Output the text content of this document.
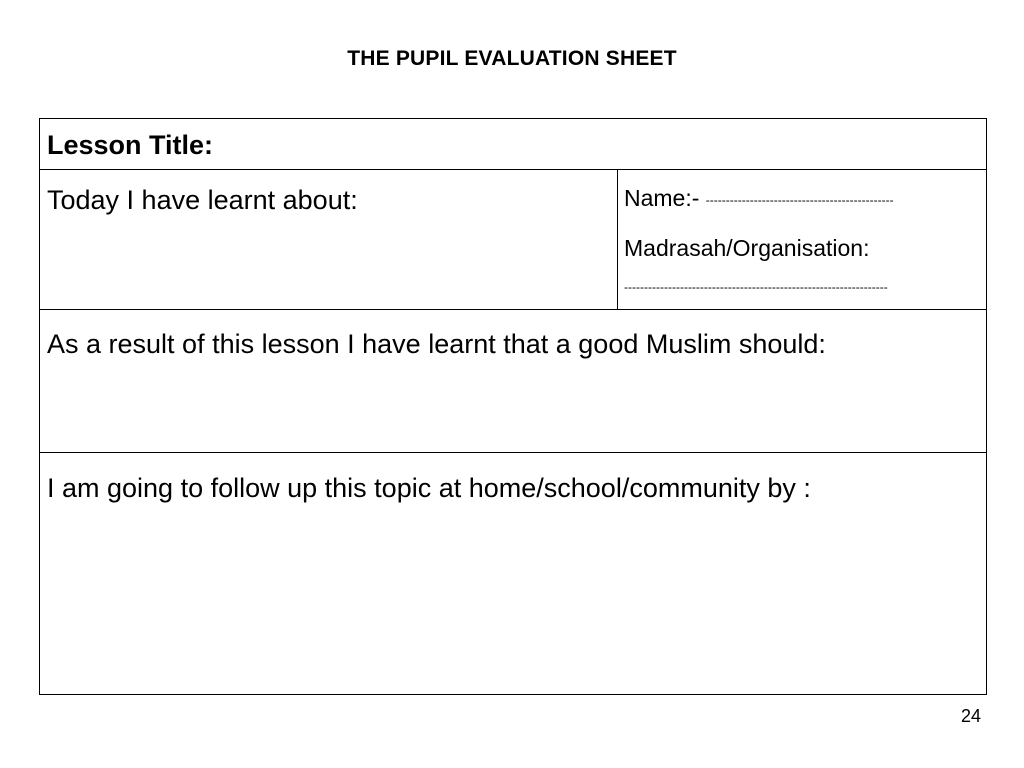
THE PUPIL EVALUATION SHEET
Lesson Title:

Today I have learnt about:	Name:- -----------------------------------------------
Madrasah/Organisation:
------------------------------------------------------------------

As a result of this lesson I have learnt that a good Muslim should:

I am going to follow up this topic at home/school/community by :
24
